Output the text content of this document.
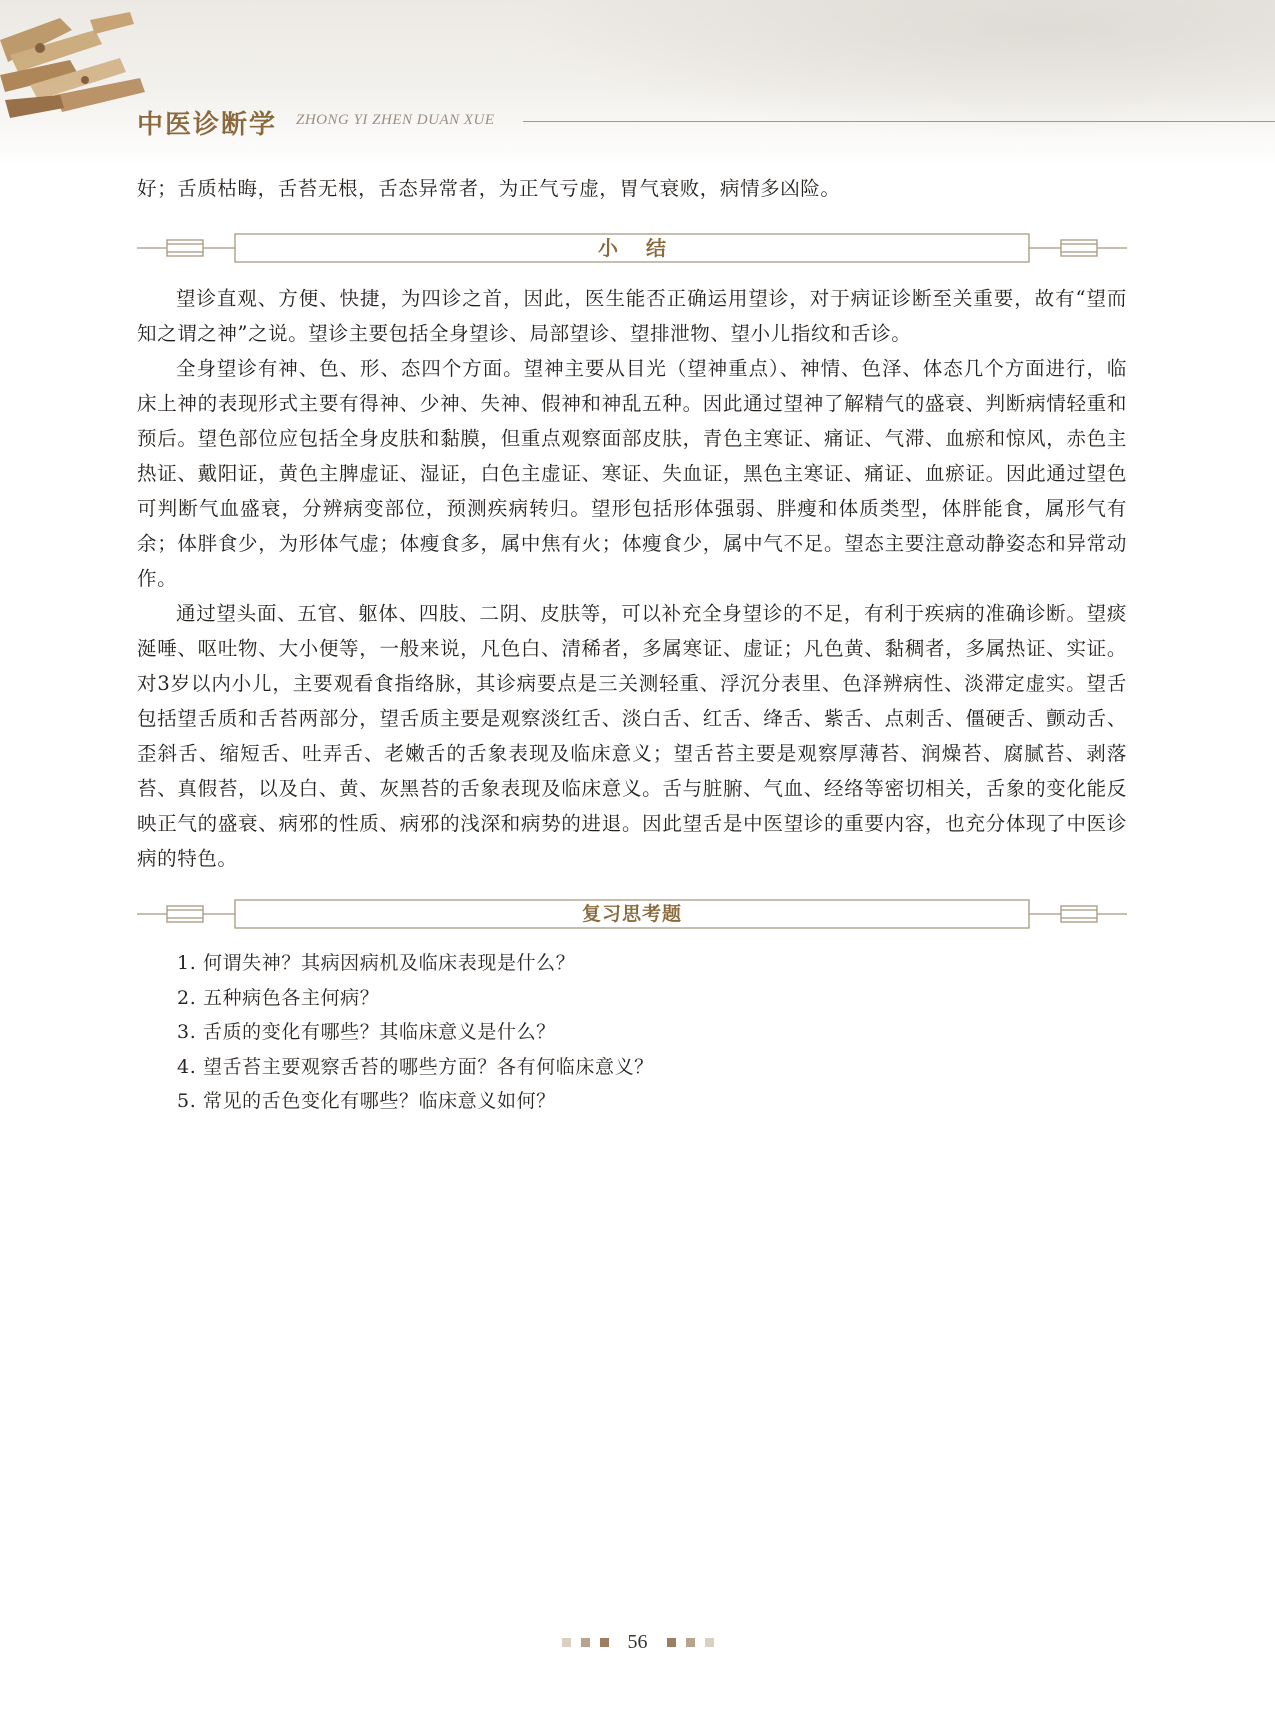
中医诊断学 ZHONG YI ZHEN DUAN XUE
好；舌质枯晦，舌苔无根，舌态异常者，为正气亏虚，胃气衰败，病情多凶险。
小结

望诊直观、方便、快捷，为四诊之首，因此，医生能否正确运用望诊，对于病证诊断至关重要，故有“望而知之谓之神”之说。望诊主要包括全身望诊、局部望诊、望排泄物、望小儿指纹和舌诊。

全身望诊有神、色、形、态四个方面。望神主要从目光（望神重点）、神情、色泽、体态几个方面进行，临床上神的表现形式主要有得神、少神、失神、假神和神乱五种。因此通过望神了解精气的盛衰、判断病情轻重和预后。望色部位应包括全身皮肤和黏膜，但重点观察面部皮肤，青色主寒证、痛证、气滞、血瘀和惊风，赤色主热证、戴阳证，黄色主脾虚证、湿证，白色主虚证、寒证、失血证，黑色主寒证、痛证、血瘀证。因此通过望色可判断气血盛衰，分辨病变部位，预测疾病转归。望形包括形体强弱、胖瘦和体质类型，体胖能食，属形气有余；体胖食少，为形体气虚；体瘦食多，属中焦有火；体瘦食少，属中气不足。望态主要注意动静姿态和异常动作。

通过望头面、五官、躯体、四肢、二阴、皮肤等，可以补充全身望诊的不足，有利于疾病的准确诊断。望痰涎唾、呕吐物、大小便等，一般来说，凡色白、清稀者，多属寒证、虚证；凡色黄、黏稠者，多属热证、实证。对3岁以内小儿，主要观看食指络脉，其诊病要点是三关测轻重、浮沉分表里、色泽辨病性、淡滞定虚实。望舌包括望舌质和舌苔两部分，望舌质主要是观察淡红舌、淡白舌、红舌、绛舌、紫舌、点刺舌、僵硬舌、颤动舌、歪斜舌、缩短舌、吐弄舌、老嫩舌的舌象表现及临床意义；望舌苔主要是观察厚薄苔、润燥苔、腐腻苔、剥落苔、真假苔，以及白、黄、灰黑苔的舌象表现及临床意义。舌与脏腑、气血、经络等密切相关，舌象的变化能反映正气的盛衰、病邪的性质、病邪的浅深和病势的进退。因此望舌是中医望诊的重要内容，也充分体现了中医诊病的特色。

复习思考题
1. 何谓失神？其病因病机及临床表现是什么？
2. 五种病色各主何病？
3. 舌质的变化有哪些？其临床意义是什么？
4. 望舌苔主要观察舌苔的哪些方面？各有何临床意义？
5. 常见的舌色变化有哪些？临床意义如何？
56
